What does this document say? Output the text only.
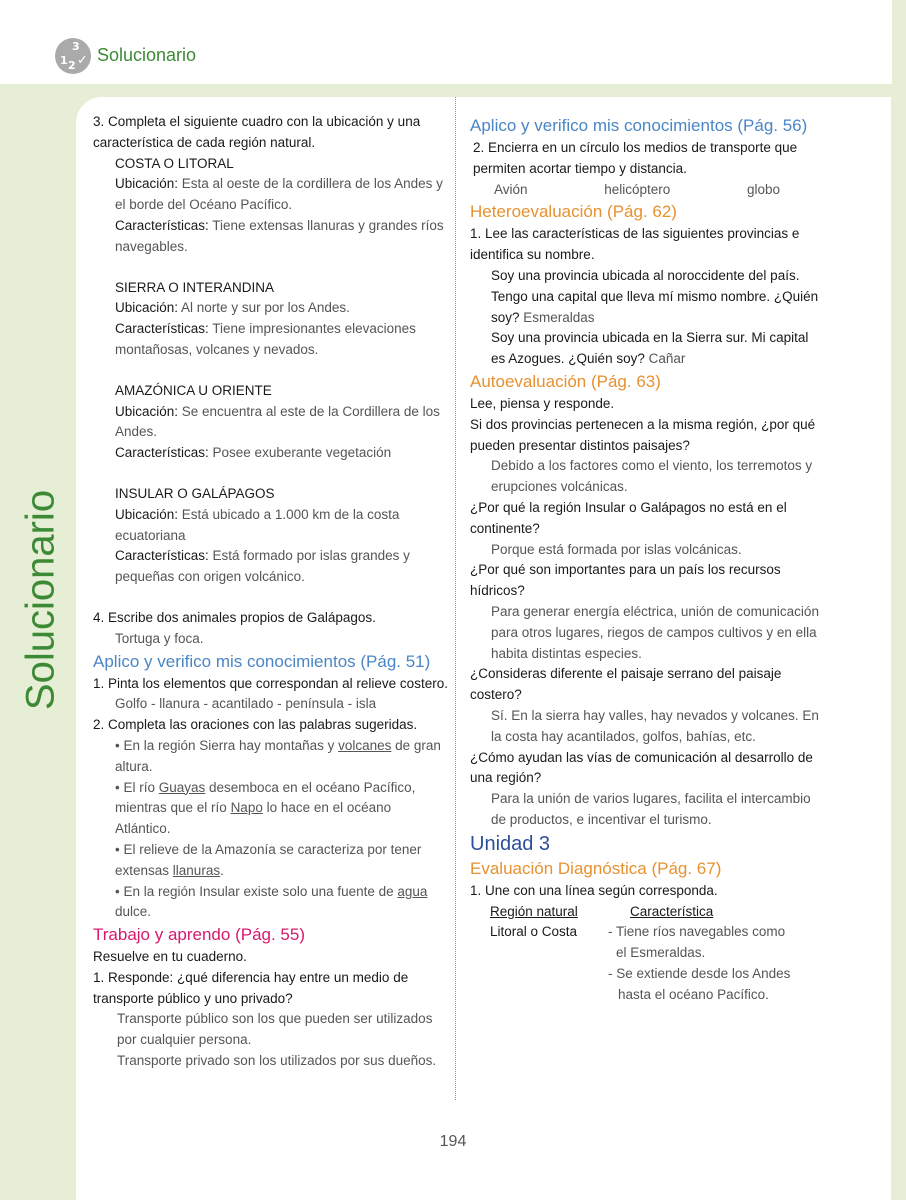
3
1 2 ✓ Solucionario
Solucionario

3. Completa el siguiente cuadro con la ubicación y una característica de cada región natural.

COSTA O LITORAL

Ubicación: Esta al oeste de la cordillera de los Andes y el borde del Océano Pacífico.

Características: Tiene extensas llanuras y grandes ríos navegables.

SIERRA O INTERANDINA

Ubicación: Al norte y sur por los Andes.

Características: Tiene impresionantes elevaciones montañosas, volcanes y nevados.

AMAZÓNICA U ORIENTE

Ubicación: Se encuentra al este de la Cordillera de los Andes.

Características: Posee exuberante vegetación

INSULAR O GALÁPAGOS

Ubicación: Está ubicado a 1.000 km de la costa ecuatoriana

Características: Está formado por islas grandes y pequeñas con origen volcánico.

4. Escribe dos animales propios de Galápagos.

Tortuga y foca.

Aplico y verifico mis conocimientos (Pág. 51)

1. Pinta los elementos que correspondan al relieve costero.

Golfo - llanura - acantilado - península - isla

2. Completa las oraciones con las palabras sugeridas.

• En la región Sierra hay montañas y volcanes de gran altura.

• El río Guayas desemboca en el océano Pacífico, mientras que el río Napo lo hace en el océano Atlántico.

• El relieve de la Amazonía se caracteriza por tener extensas llanuras.

• En la región Insular existe solo una fuente de agua dulce.

Trabajo y aprendo (Pág. 55)

Resuelve en tu cuaderno.

1. Responde: ¿qué diferencia hay entre un medio de transporte público y uno privado?

Transporte público son los que pueden ser utilizados por cualquier persona.

Transporte privado son los utilizados por sus dueños.

Aplico y verifico mis conocimientos (Pág. 56)

2. Encierra en un círculo los medios de transporte que permiten acortar tiempo y distancia.

Avión	helicóptero	globo

Heteroevaluación (Pág. 62)

1. Lee las características de las siguientes provincias e identifica su nombre.

Soy una provincia ubicada al noroccidente del país. Tengo una capital que lleva mí mismo nombre. ¿Quién soy? Esmeraldas

Soy una provincia ubicada en la Sierra sur. Mi capital es Azogues. ¿Quién soy? Cañar

Autoevaluación (Pág. 63)

Lee, piensa y responde.

Si dos provincias pertenecen a la misma región, ¿por qué pueden presentar distintos paisajes?

Debido a los factores como el viento, los terremotos y erupciones volcánicas.

¿Por qué la región Insular o Galápagos no está en el continente?

Porque está formada por islas volcánicas.

¿Por qué son importantes para un país los recursos hídricos?

Para generar energía eléctrica, unión de comunicación para otros lugares, riegos de campos cultivos y en ella habita distintas especies.

¿Consideras diferente el paisaje serrano del paisaje costero?

Sí. En la sierra hay valles, hay nevados y volcanes. En la costa hay acantilados, golfos, bahías, etc.

¿Cómo ayudan las vías de comunicación al desarrollo de una región?

Para la unión de varios lugares, facilita el intercambio de productos, e incentivar el turismo.

Unidad 3

Evaluación Diagnóstica (Pág. 67)

1. Une con una línea según corresponda.

Región natural	Característica
Litoral o Costa	- Tiene ríos navegables como
el Esmeraldas.
- Se extiende desde los Andes
hasta el océano Pacífico.
194
